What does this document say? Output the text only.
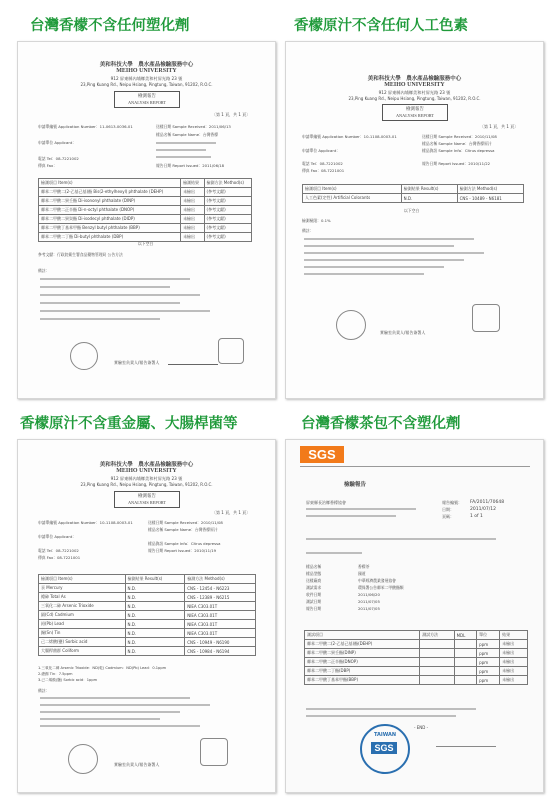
台灣香檬不含任何塑化劑
美和科技大學　農水產品檢驗服務中心
MEIHO UNIVERSITY
912 屏東縣內埔鄉美和村屏光路 23 號
23,Ping Kuang Rd., Neipu Hsiang, Pingtung, Taiwan, 91202, R.O.C.
檢測報告
ANALYSIS REPORT
〔第 1 頁，共 1 頁〕
申請單編號 Application Number：11-0613-0036-01	送樣日期 Sample Received：2011/06/13
樣品名稱 Sample Name：台灣香檬
申請單位 Applicant：
電話 Tel：08-7221002
傳真 Fax：	報告日期 Report Issued：2011/06/18
檢測項目 Item(s)	檢測結果	檢測方法 Method(s)
鄰苯二甲酸二(2-乙基己基)酯 Bis(2-ethylhexyl) phthalate (DEHP)	未檢出	(參考文獻)
鄰苯二甲酸二異壬酯 Di-isononyl phthalate (DINP)	未檢出	(參考文獻)
鄰苯二甲酸二正辛酯 Di-n-octyl phthalate (DNOP)	未檢出	(參考文獻)
鄰苯二甲酸二異癸酯 Di-isodecyl phthalate (DIDP)	未檢出	(參考文獻)
鄰苯二甲酸丁基苯甲酯 Benzyl butyl phthalate (BBP)	未檢出	(參考文獻)
鄰苯二甲酸二丁酯 Di-butyl phthalate (DBP)	未檢出	(參考文獻)
以下空白
參考文獻：行政院衛生署食品藥物管理局 公告方法
備註：
實驗室負責人/報告簽署人
香檬原汁不含任何人工色素
美和科技大學　農水產品檢驗服務中心
MEIHO UNIVERSITY
912 屏東縣內埔鄉美和村屏光路 23 號
23,Ping Kuang Rd., Neipu Hsiang, Pingtung, Taiwan, 91202, R.O.C.
檢測報告
ANALYSIS REPORT
〔第 1 頁，共 1 頁〕
申請單編號 Application Number：10-1108-0003-01	送樣日期 Sample Received：2010/11/08
樣品名稱 Sample Name：台灣香檬原汁
申請單位 Applicant：	樣品資訊 Sample Info：Citrus depressa
電話 Tel：08-7221002	報告日期 Report Issued：2010/11/22
傳真 Fax：08-7221001
檢測項目 Item(s)	檢測結果 Result(s)	檢測方法 Method(s)
人工色素(定性) Artificial Colorants	N.D.	CNS - 10489 - N6181
以下空白
檢測極限：0.1%
備註：
實驗室負責人/報告簽署人
香檬原汁不含重金屬、大腸桿菌等
美和科技大學　農水產品檢驗服務中心
MEIHO UNIVERSITY
912 屏東縣內埔鄉美和村屏光路 23 號
23,Ping Kuang Rd., Neipu Hsiang, Pingtung, Taiwan, 91202, R.O.C.
檢測報告
ANALYSIS REPORT
〔第 1 頁，共 1 頁〕
申請單編號 Application Number：10-1108-0003-01	送樣日期 Sample Received：2010/11/08
樣品名稱 Sample Name：台灣香檬原汁
申請單位 Applicant：
樣品資訊 Sample Info：Citrus depressa
電話 Tel：08-7221002	報告日期 Report Issued：2010/11/19
傳真 Fax：08-7221001
檢測項目 Item(s)	檢測結果 Result(s)	檢測方法 Method(s)
汞 Mercury	N.D.	CNS - 12454 - N6223
總砷 Total As	N.D.	CNS - 12389 - N6215
三氧化二砷 Arsenic Trioxide	N.D.	NIEA C303.01T
鎘(Cd) Cadmium	N.D.	NIEA C303.01T
鉛(Pb) Lead	N.D.	NIEA C303.01T
錫(Sn) Tin	N.D.	NIEA C303.01T
己二烯酸(鹽) Sorbic acid	N.D.	CNS - 10949 - N6190
大腸桿菌群 Coliform	N.D.	CNS - 10984 - N6194
1.三氧化二砷 Arsenic Trioxide：ND(乾) Cadmium：ND(Pb) Lead：0.1ppm
2.總錫 Tin：7.5ppm
3.己二烯酸(鹽) Sorbic acid：1ppm
備註：
實驗室負責人/報告簽署人
台灣香檬茶包不含塑化劑
SGS
檢驗報告
屏東縣長治鄉香檬協會	報告編號： FA/2011/70648
日期：	2011/07/12
頁碼：	1 of 1
樣品名稱	香檬茶
樣品型態	國道
送樣廠商	中華經濟農業發展協會
測試需求	環保署公告鄰苯二甲酸酯類
收件日期	2011/06/20
測試日期	2011/07/05
報告日期	2011/07/05
測試項目	測試方法	MDL	單位	結果
鄰苯二甲酸二(2-乙基己基)酯(DEHP)			ppm	未檢出
鄰苯二甲酸二異壬酯(DINP)			ppm	未檢出
鄰苯二甲酸二正辛酯(DNOP)			ppm	未檢出
鄰苯二甲酸二丁酯(DBP)			ppm	未檢出
鄰苯二甲酸丁基苯甲酯(BBP)			ppm	未檢出
- END -
TAIWAN
SGS
